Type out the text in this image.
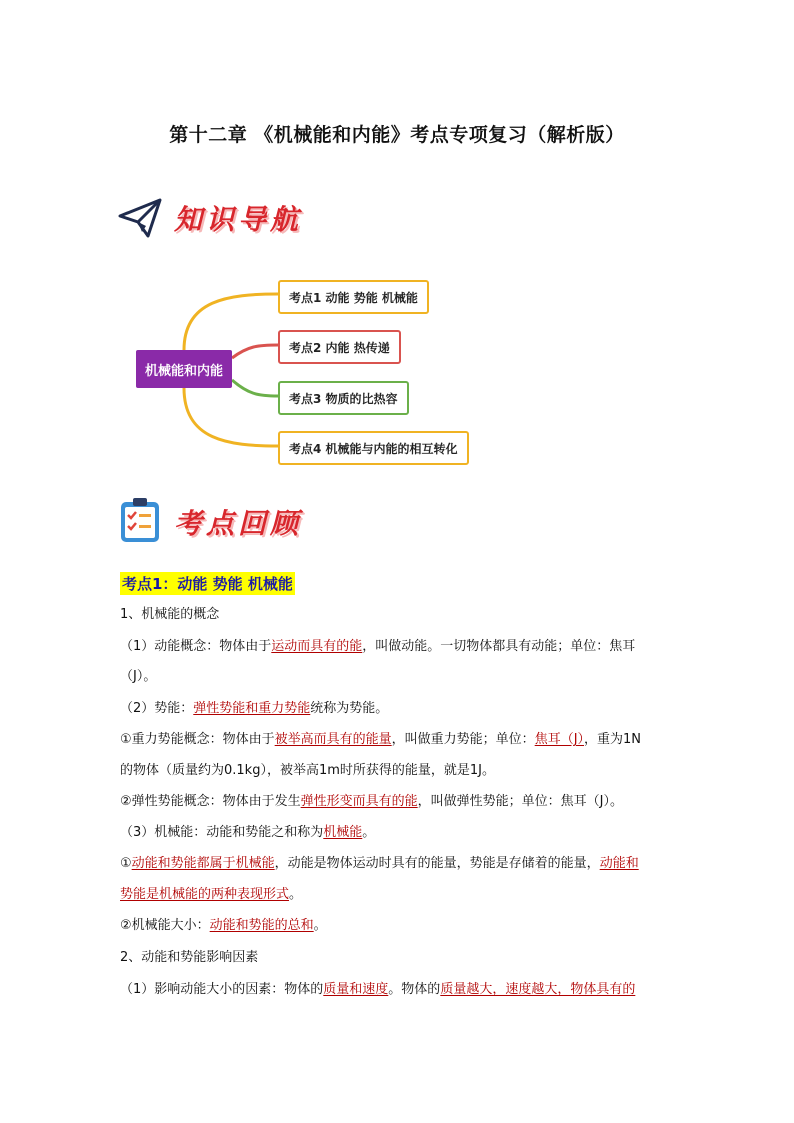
第十二章 《机械能和内能》考点专项复习（解析版）
知识导航
机械能和内能
考点1 动能 势能 机械能
考点2 内能 热传递
考点3 物质的比热容
考点4 机械能与内能的相互转化
考点回顾
考点1：动能 势能 机械能
1、机械能的概念
（1）动能概念：物体由于运动而具有的能，叫做动能。一切物体都具有动能；单位：焦耳
（J）。
（2）势能：弹性势能和重力势能统称为势能。
①重力势能概念：物体由于被举高而具有的能量，叫做重力势能；单位：焦耳（J），重为1N
的物体（质量约为0.1kg），被举高1m时所获得的能量，就是1J。
②弹性势能概念：物体由于发生弹性形变而具有的能，叫做弹性势能；单位：焦耳（J）。
（3）机械能：动能和势能之和称为机械能。
①动能和势能都属于机械能，动能是物体运动时具有的能量，势能是存储着的能量，动能和
势能是机械能的两种表现形式。
②机械能大小：动能和势能的总和。
2、动能和势能影响因素
（1）影响动能大小的因素：物体的质量和速度。物体的质量越大，速度越大，物体具有的
